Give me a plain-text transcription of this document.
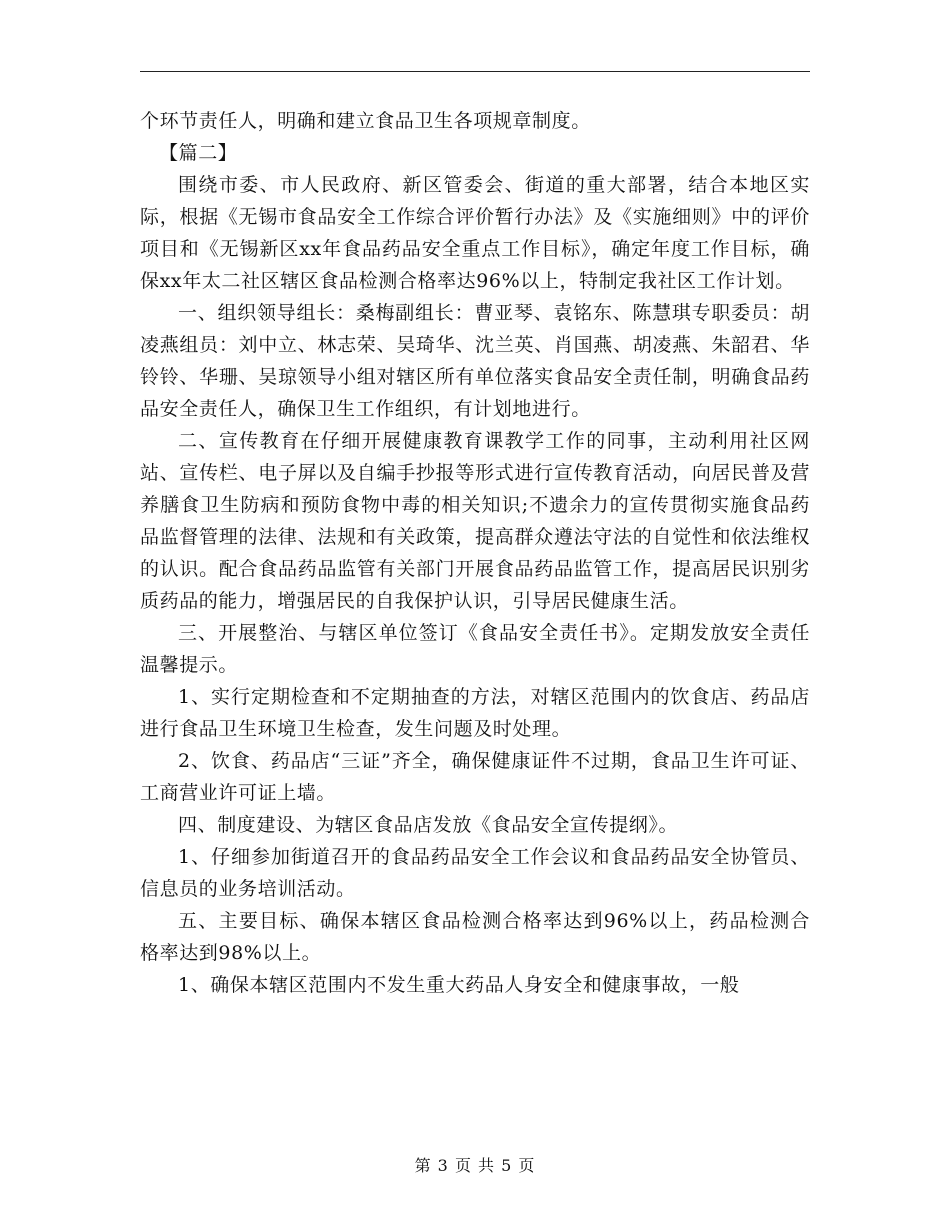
个环节责任人，明确和建立食品卫生各项规章制度。

【篇二】

围绕市委、市人民政府、新区管委会、街道的重大部署，结合本地区实际，根据《无锡市食品安全工作综合评价暂行办法》及《实施细则》中的评价项目和《无锡新区xx年食品药品安全重点工作目标》，确定年度工作目标，确保xx年太二社区辖区食品检测合格率达96%以上，特制定我社区工作计划。

一、组织领导组长：桑梅副组长：曹亚琴、袁铭东、陈慧琪专职委员：胡凌燕组员：刘中立、林志荣、吴琦华、沈兰英、肖国燕、胡凌燕、朱韶君、华铃铃、华珊、吴琼领导小组对辖区所有单位落实食品安全责任制，明确食品药品安全责任人，确保卫生工作组织，有计划地进行。

二、宣传教育在仔细开展健康教育课教学工作的同事，主动利用社区网站、宣传栏、电子屏以及自编手抄报等形式进行宣传教育活动，向居民普及营养膳食卫生防病和预防食物中毒的相关知识;不遗余力的宣传贯彻实施食品药品监督管理的法律、法规和有关政策，提高群众遵法守法的自觉性和依法维权的认识。配合食品药品监管有关部门开展食品药品监管工作，提高居民识别劣质药品的能力，增强居民的自我保护认识，引导居民健康生活。

三、开展整治、与辖区单位签订《食品安全责任书》。定期发放安全责任温馨提示。

1、实行定期检查和不定期抽查的方法，对辖区范围内的饮食店、药品店进行食品卫生环境卫生检查，发生问题及时处理。

2、饮食、药品店“三证”齐全，确保健康证件不过期，食品卫生许可证、工商营业许可证上墙。

四、制度建设、为辖区食品店发放《食品安全宣传提纲》。

1、仔细参加街道召开的食品药品安全工作会议和食品药品安全协管员、信息员的业务培训活动。

五、主要目标、确保本辖区食品检测合格率达到96%以上，药品检测合格率达到98%以上。

1、确保本辖区范围内不发生重大药品人身安全和健康事故，一般

第 3 页 共 5 页
